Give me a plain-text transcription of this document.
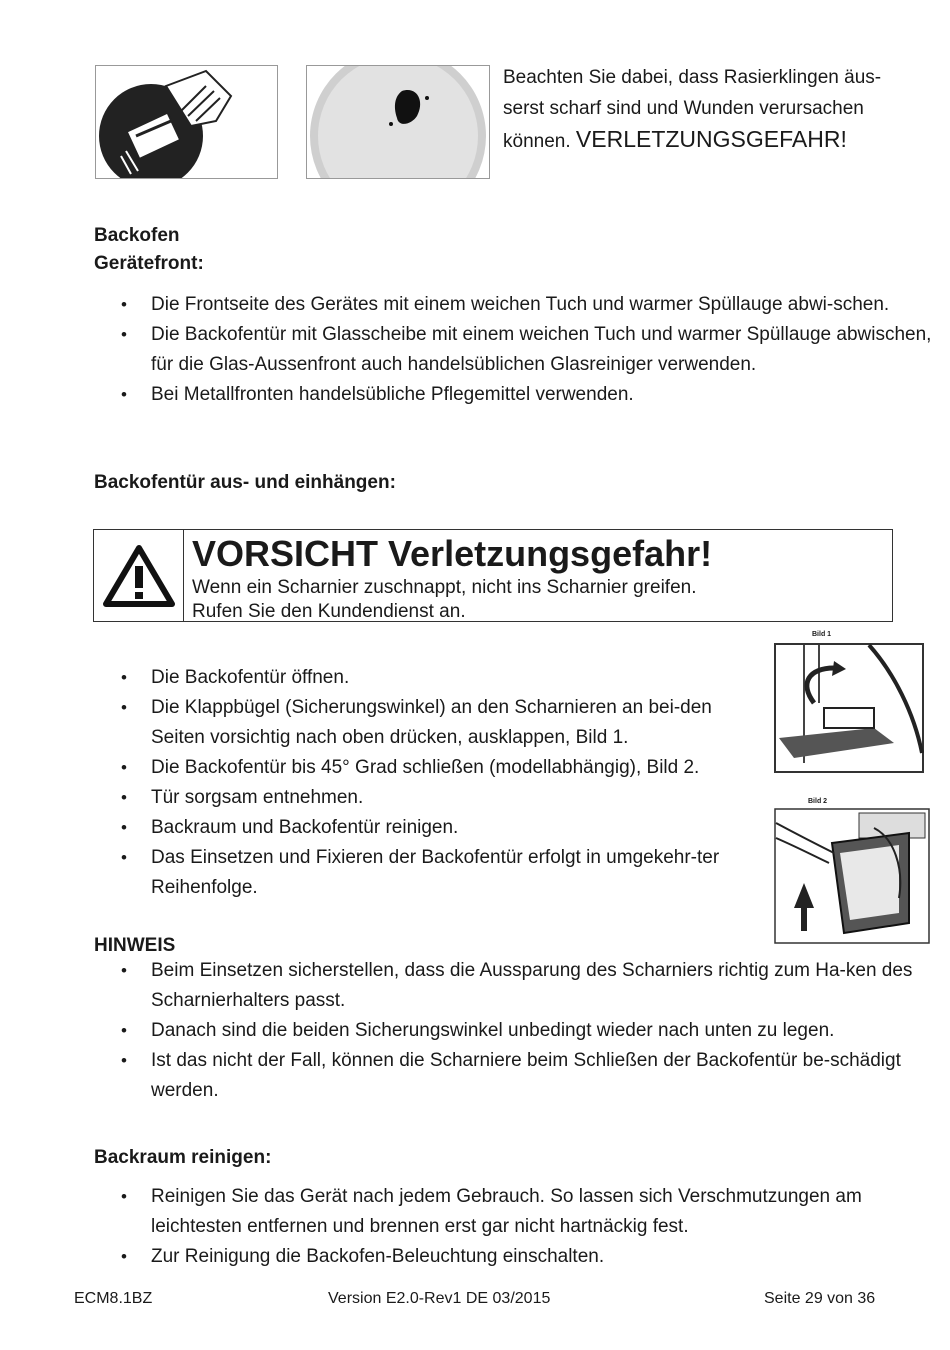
Beachten Sie dabei, dass Rasierklingen äus-
serst scharf sind und Wunden verursachen
können. VERLETZUNGSGEFAHR!
Backofen
Gerätefront:
• Die Frontseite des Gerätes mit einem weichen Tuch und warmer Spüllauge abwi-schen.
• Die Backofentür mit Glasscheibe mit einem weichen Tuch und warmer Spüllauge abwischen, für die Glas-Aussenfront auch handelsüblichen Glasreiniger verwenden.
• Bei Metallfronten handelsübliche Pflegemittel verwenden.
Backofentür aus- und einhängen:
VORSICHT Verletzungsgefahr!
Wenn ein Scharnier zuschnappt, nicht ins Scharnier greifen.
Rufen Sie den Kundendienst an.
• Die Backofentür öffnen.
• Die Klappbügel (Sicherungswinkel) an den Scharnieren an bei-den Seiten vorsichtig nach oben drücken, ausklappen, Bild 1.
• Die Backofentür bis 45° Grad schließen (modellabhängig), Bild 2.
• Tür sorgsam entnehmen.
• Backraum und Backofentür reinigen.
• Das Einsetzen und Fixieren der Backofentür erfolgt in umgekehr-ter Reihenfolge.
Bild 1
Bild 2
HINWEIS
• Beim Einsetzen sicherstellen, dass die Aussparung des Scharniers richtig zum Ha-ken des Scharnierhalters passt.
• Danach sind die beiden Sicherungswinkel unbedingt wieder nach unten zu legen.
• Ist das nicht der Fall, können die Scharniere beim Schließen der Backofentür be-schädigt werden.
Backraum reinigen:
• Reinigen Sie das Gerät nach jedem Gebrauch. So lassen sich Verschmutzungen am leichtesten entfernen und brennen erst gar nicht hartnäckig fest.
• Zur Reinigung die Backofen-Beleuchtung einschalten.
ECM8.1BZ	Version E2.0-Rev1 DE 03/2015	Seite 29 von 36
